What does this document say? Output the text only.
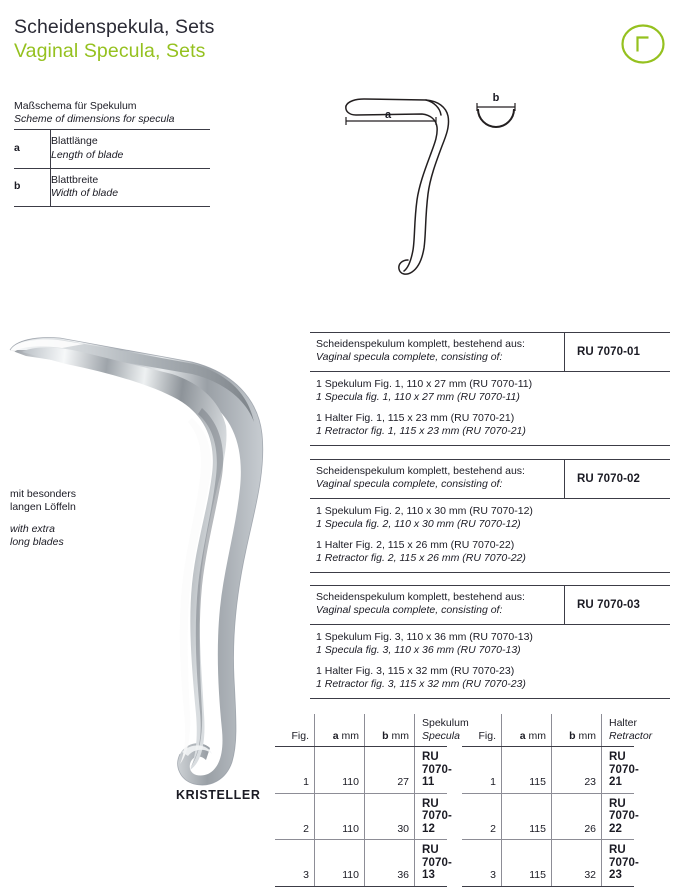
Scheidenspekula, Sets
Vaginal Specula, Sets
Maßschema für Spekulum
Scheme of dimensions for specula
a	Blattlänge
Length of blade

b	Blattbreite
Width of blade
a
b
mit besonders
langen Löffeln
with extra
long blades
KRISTELLER
Scheidenspekulum komplett, bestehend aus:
Vaginal specula complete, consisting of:	RU 7070-01
1 Spekulum Fig. 1, 110 x 27 mm (RU 7070-11)
1 Specula fig. 1, 110 x 27 mm (RU 7070-11)
1 Halter Fig. 1, 115 x 23 mm (RU 7070-21)
1 Retractor fig. 1, 115 x 23 mm (RU 7070-21)
Scheidenspekulum komplett, bestehend aus:
Vaginal specula complete, consisting of:	RU 7070-02
1 Spekulum Fig. 2, 110 x 30 mm (RU 7070-12)
1 Specula fig. 2, 110 x 30 mm (RU 7070-12)
1 Halter Fig. 2, 115 x 26 mm (RU 7070-22)
1 Retractor fig. 2, 115 x 26 mm (RU 7070-22)
Scheidenspekulum komplett, bestehend aus:
Vaginal specula complete, consisting of:	RU 7070-03
1 Spekulum Fig. 3, 110 x 36 mm (RU 7070-13)
1 Specula fig. 3, 110 x 36 mm (RU 7070-13)
1 Halter Fig. 3, 115 x 32 mm (RU 7070-23)
1 Retractor fig. 3, 115 x 32 mm (RU 7070-23)
Fig.	a mm	b mm	Spekulum
Specula

1	110	27	RU 7070-11
2	110	30	RU 7070-12
3	110	36	RU 7070-13
Fig.	a mm	b mm	Halter
Retractor

1	115	23	RU 7070-21
2	115	26	RU 7070-22
3	115	32	RU 7070-23
